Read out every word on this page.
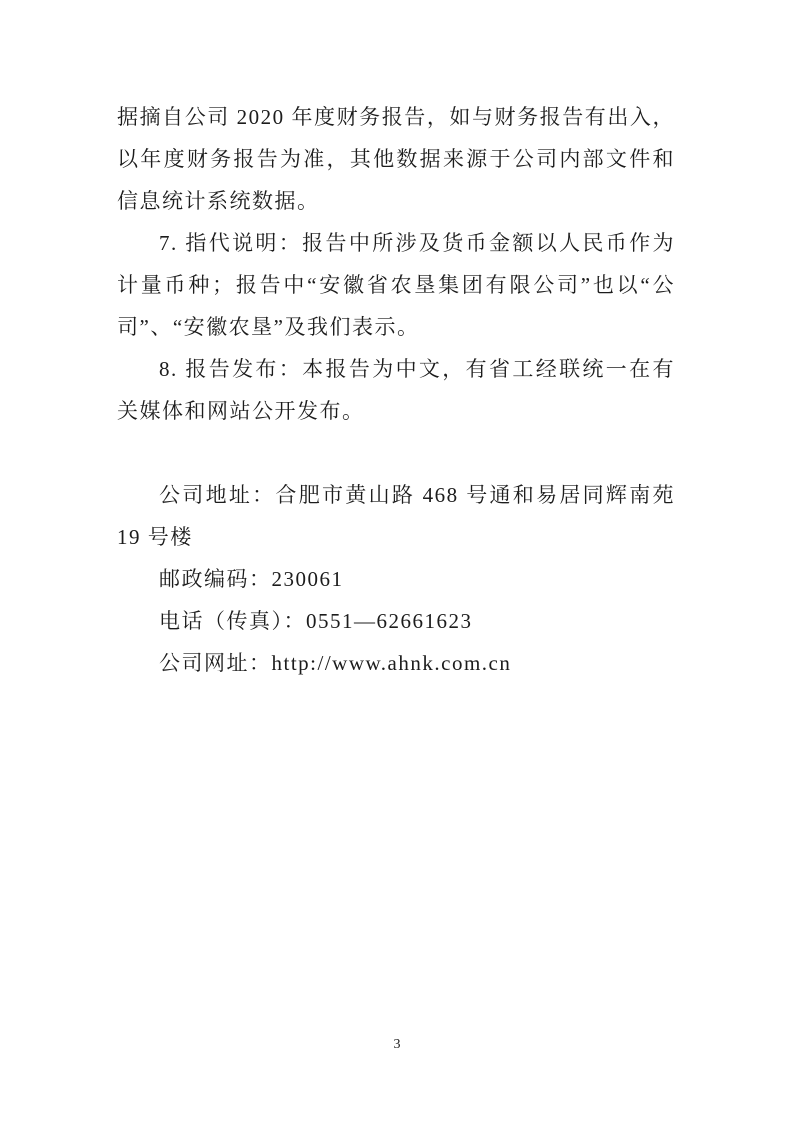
据摘自公司 2020 年度财务报告，如与财务报告有出入，以年度财务报告为准，其他数据来源于公司内部文件和信息统计系统数据。

7. 指代说明：报告中所涉及货币金额以人民币作为计量币种；报告中“安徽省农垦集团有限公司”也以“公司”、“安徽农垦”及我们表示。

8. 报告发布：本报告为中文，有省工经联统一在有关媒体和网站公开发布。

公司地址：合肥市黄山路 468 号通和易居同辉南苑 19 号楼

邮政编码：230061

电话（传真）：0551—62661623

公司网址：http://www.ahnk.com.cn

3
